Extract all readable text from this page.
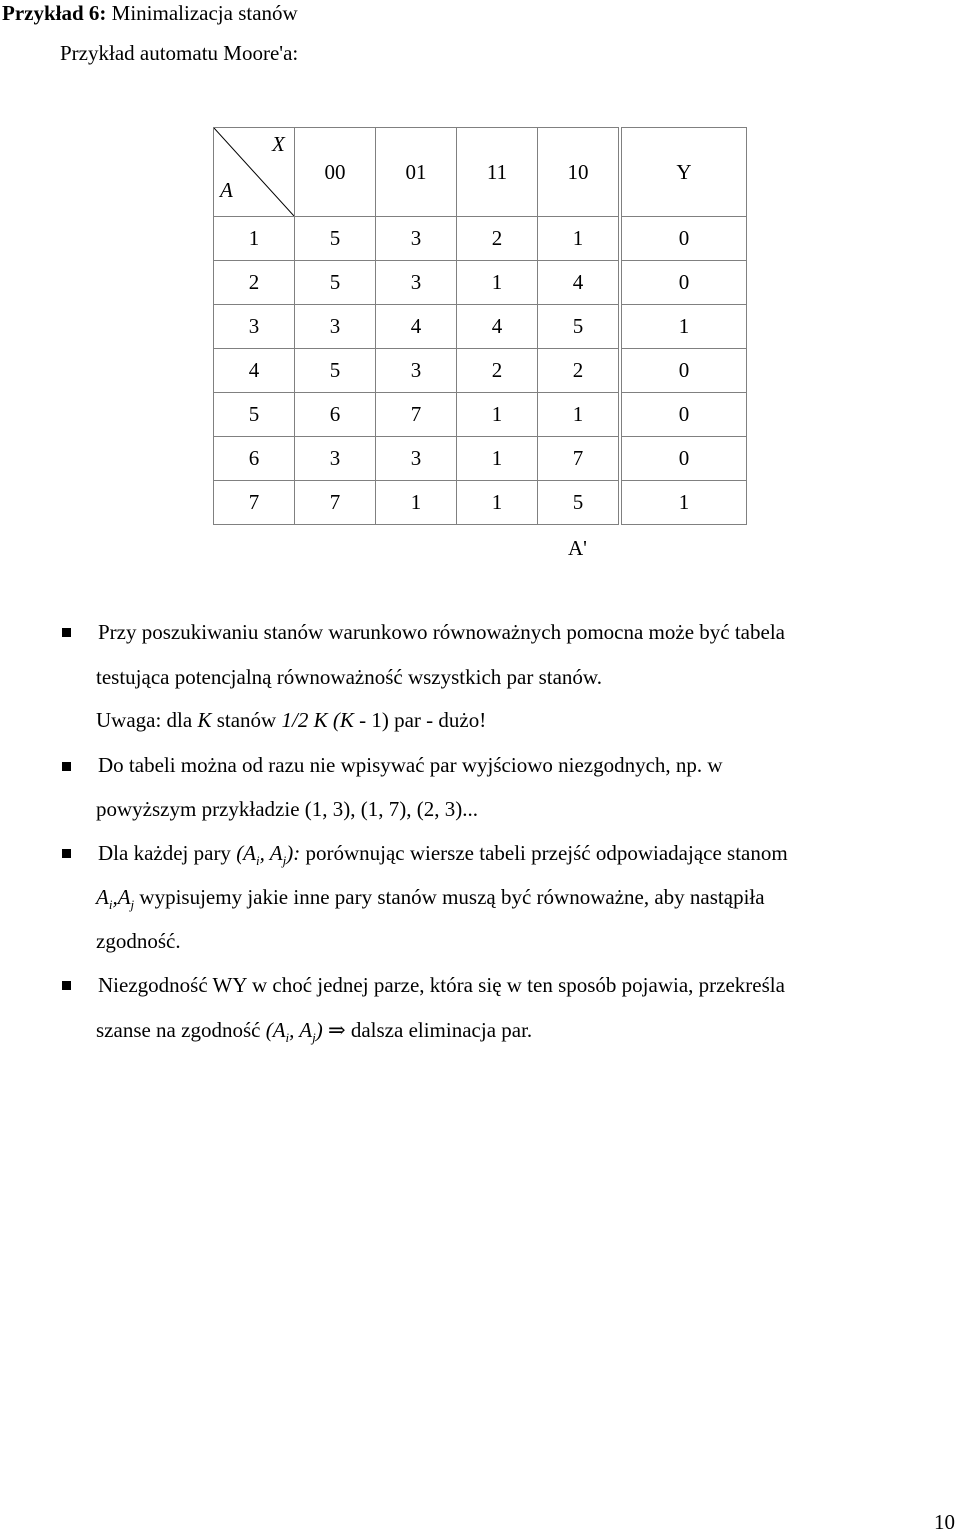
Przykład 6: Minimalizacja stanów
Przykład automatu Moore'a:
X
A	00	01	11	10	Y
1	5	3	2	1	0
2	5	3	1	4	0
3	3	4	4	5	1
4	5	3	2	2	0
5	6	7	1	1	0
6	3	3	1	7	0
7	7	1	1	5	1
A'
Przy poszukiwaniu stanów warunkowo równoważnych pomocna może być tabela
testująca potencjalną równoważność wszystkich par stanów.
Uwaga: dla K stanów 1/2 K (K - 1) par - dużo!
Do tabeli można od razu nie wpisywać par wyjściowo niezgodnych, np. w
powyższym przykładzie (1, 3), (1, 7), (2, 3)...
Dla każdej pary ($A_i$, $A_j$): porównując wiersze tabeli przejść odpowiadające stanom
$A_i,A_j$ wypisujemy jakie inne pary stanów muszą być równoważne, aby nastąpiła
zgodność.
Niezgodność WY w choć jednej parze, która się w ten sposób pojawia, przekreśla
szanse na zgodność ($A_i$, $A_j$) ⇒ dalsza eliminacja par.
10
